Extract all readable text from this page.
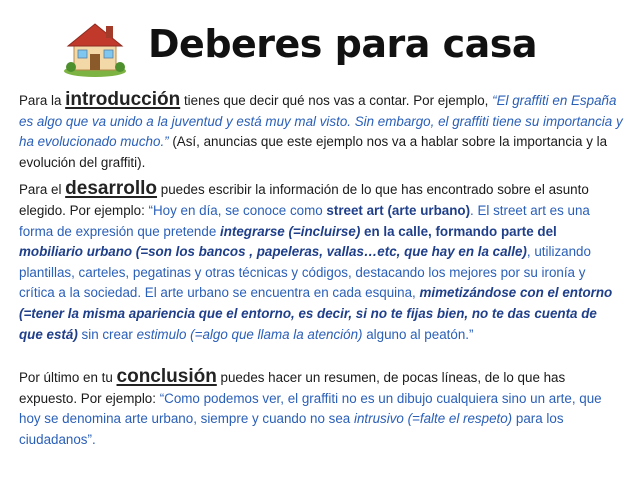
Deberes para casa

Para la introducción tienes que decir qué nos vas a contar. Por ejemplo, “El graffiti en España es algo que va unido a la juventud y está muy mal visto. Sin embargo, el graffiti tiene su importancia y ha evolucionado mucho.” (Así, anuncias que este ejemplo nos va a hablar sobre la importancia y la evolución del graffiti).

Para el desarrollo puedes escribir la información de lo que has encontrado sobre el asunto elegido. Por ejemplo: “Hoy en día, se conoce como street art (arte urbano). El street art es una forma de expresión que pretende integrarse (=incluirse) en la calle, formando parte del mobiliario urbano (=son los bancos , papeleras, vallas…etc, que hay en la calle), utilizando plantillas, carteles, pegatinas y otras técnicas y códigos, destacando los mejores por su ironía y crítica a la sociedad. El arte urbano se encuentra en cada esquina, mimetizándose con el entorno (=tener la misma apariencia que el entorno, es decir, si no te fijas bien, no te das cuenta de que está) sin crear estimulo (=algo que llama la atención) alguno al peatón.”

Por último en tu conclusión puedes hacer un resumen, de pocas líneas, de lo que has expuesto. Por ejemplo: “Como podemos ver, el graffiti no es un dibujo cualquiera sino un arte, que hoy se denomina arte urbano, siempre y cuando no sea intrusivo (=falte el respeto) para los ciudadanos”.
